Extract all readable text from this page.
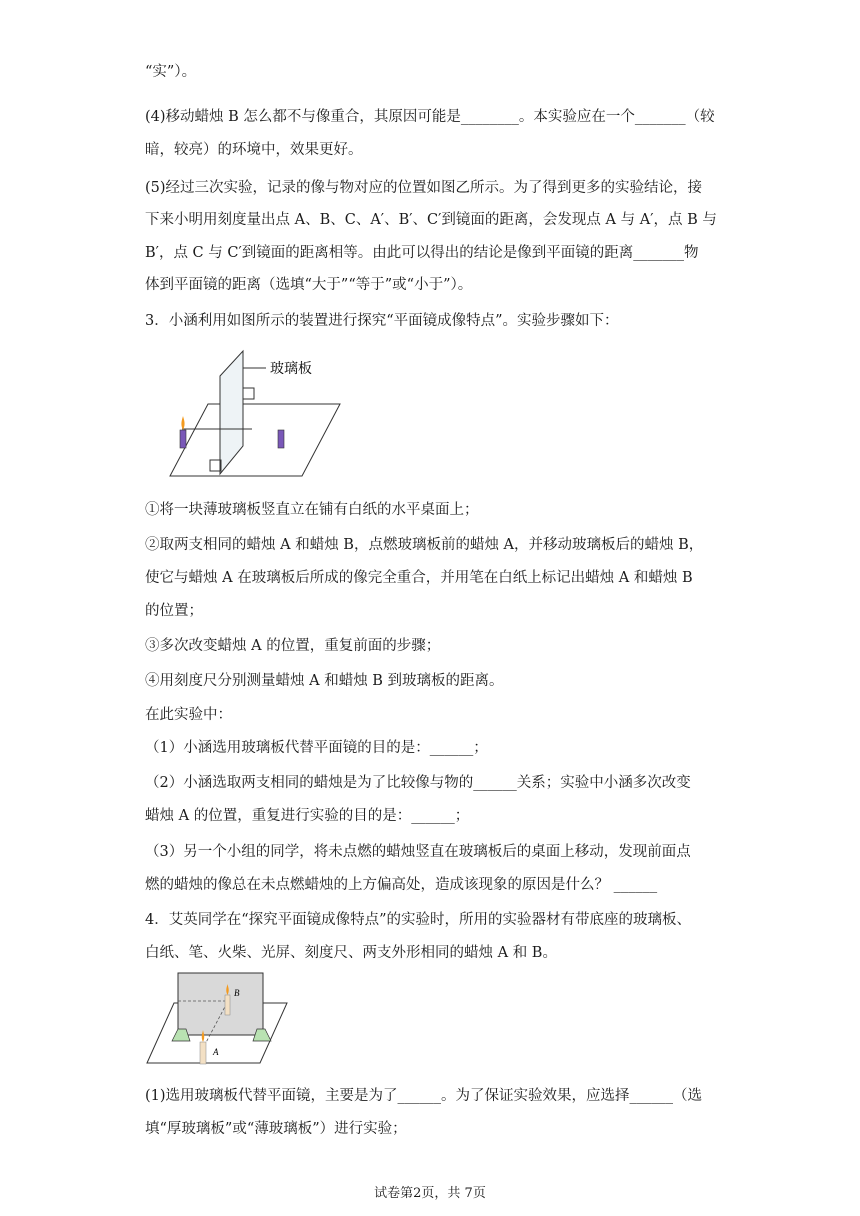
“实”）。
(4)移动蜡烛 B 怎么都不与像重合，其原因可能是________。本实验应在一个_______（较
暗，较亮）的环境中，效果更好。
(5)经过三次实验，记录的像与物对应的位置如图乙所示。为了得到更多的实验结论，接
下来小明用刻度量出点 A、B、C、A′、B′、C′到镜面的距离，会发现点 A 与 A′，点 B 与
B′，点 C 与 C′到镜面的距离相等。由此可以得出的结论是像到平面镜的距离_______物
体到平面镜的距离（选填“大于”“等于”或“小于”）。
3．小涵利用如图所示的装置进行探究“平面镜成像特点”。实验步骤如下：
玻璃板
①将一块薄玻璃板竖直立在铺有白纸的水平桌面上；
②取两支相同的蜡烛 A 和蜡烛 B，点燃玻璃板前的蜡烛 A，并移动玻璃板后的蜡烛 B，
使它与蜡烛 A 在玻璃板后所成的像完全重合，并用笔在白纸上标记出蜡烛 A 和蜡烛 B
的位置；
③多次改变蜡烛 A 的位置，重复前面的步骤；
④用刻度尺分别测量蜡烛 A 和蜡烛 B 到玻璃板的距离。
在此实验中：
（1）小涵选用玻璃板代替平面镜的目的是：______；
（2）小涵选取两支相同的蜡烛是为了比较像与物的______关系；实验中小涵多次改变
蜡烛 A 的位置，重复进行实验的目的是：______；
（3）另一个小组的同学，将未点燃的蜡烛竖直在玻璃板后的桌面上移动，发现前面点
燃的蜡烛的像总在未点燃蜡烛的上方偏高处，造成该现象的原因是什么？ ______
4．艾英同学在“探究平面镜成像特点”的实验时，所用的实验器材有带底座的玻璃板、
白纸、笔、火柴、光屏、刻度尺、两支外形相同的蜡烛 A 和 B。
B
A
(1)选用玻璃板代替平面镜，主要是为了______。为了保证实验效果，应选择______（选
填“厚玻璃板”或“薄玻璃板”）进行实验；
试卷第2页，共 7页
